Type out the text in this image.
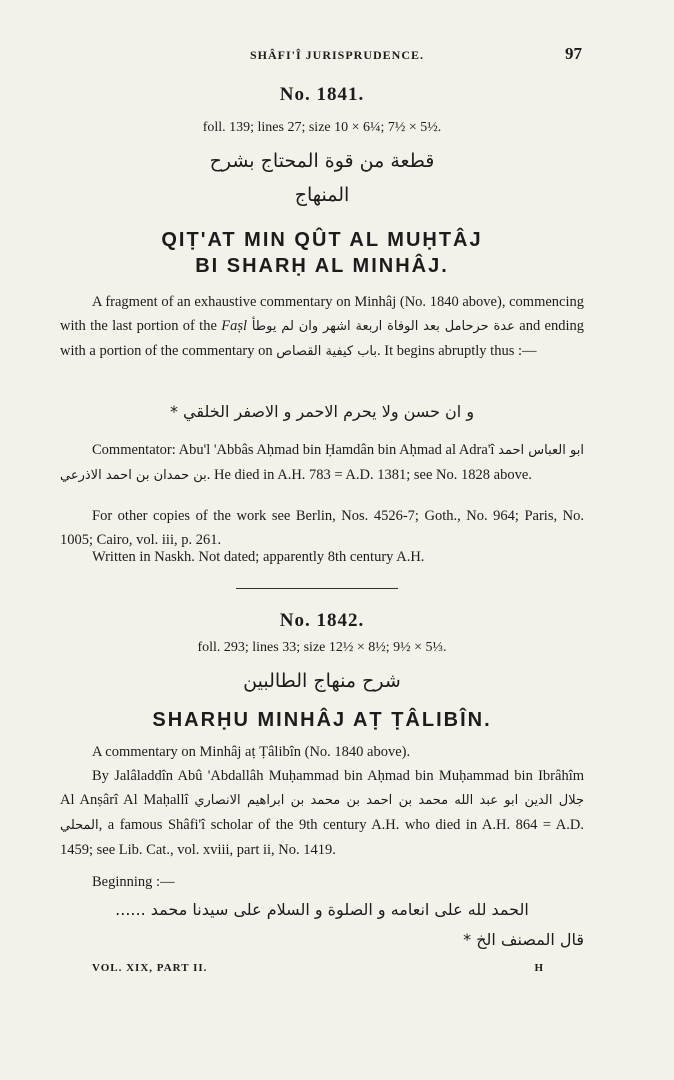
SHÂFI'Î JURISPRUDENCE.	97
No. 1841.
foll. 139; lines 27; size 10 × 6¼; 7½ × 5½.
قطعة من قوة المحتاج بشرح
المنهاج
QIṬ'AT MIN QÛT AL MUḤTÂJ
BI SHARḤ AL MINHÂJ.
A fragment of an exhaustive commentary on Minhâj (No. 1840 above), commencing with the last portion of the Faṣl عدة حرحامل بعد الوفاة اربعة اشهر وان لم يوطأ	and ending with a portion of the commentary on باب كيفية القصاص. It begins abruptly thus :—
و ان حسن ولا يحرم الاحمر و الاصفر الخلقي *
Commentator: Abu'l 'Abbâs Aḥmad bin Ḥamdân bin Aḥmad al Adra'î ابو العباس احمد بن حمدان بن احمد الاذرعي. He died in A.H. 783 = A.D. 1381; see No. 1828 above.
For other copies of the work see Berlin, Nos. 4526-7; Goth., No. 964; Paris, No. 1005; Cairo, vol. iii, p. 261.
Written in Naskh. Not dated; apparently 8th century A.H.
No. 1842.
foll. 293; lines 33; size 12½ × 8½; 9½ × 5⅓.
شرح منهاج الطالبين
SHARḤU MINHÂJ AṬ ṬÂLIBÎN.
A commentary on Minhâj aṭ Ṭâlibîn (No. 1840 above).
By Jalâladdîn Abû 'Abdallâh Muḥammad bin Aḥmad bin Muḥammad bin Ibrâhîm Al Anṣârî Al Maḥallî جلال الدين ابو عبد الله محمد بن احمد بن محمد بن ابراهيم الانصاري المحلي, a famous Shâfi'î scholar of the 9th century A.H. who died in A.H. 864 = A.D. 1459; see Lib. Cat., vol. xviii, part ii, No. 1419.
Beginning :—
الحمد لله على انعامه و الصلوة و السلام على سيدنا محمد ......
قال المصنف الخ *
VOL. XIX, PART II.	H
